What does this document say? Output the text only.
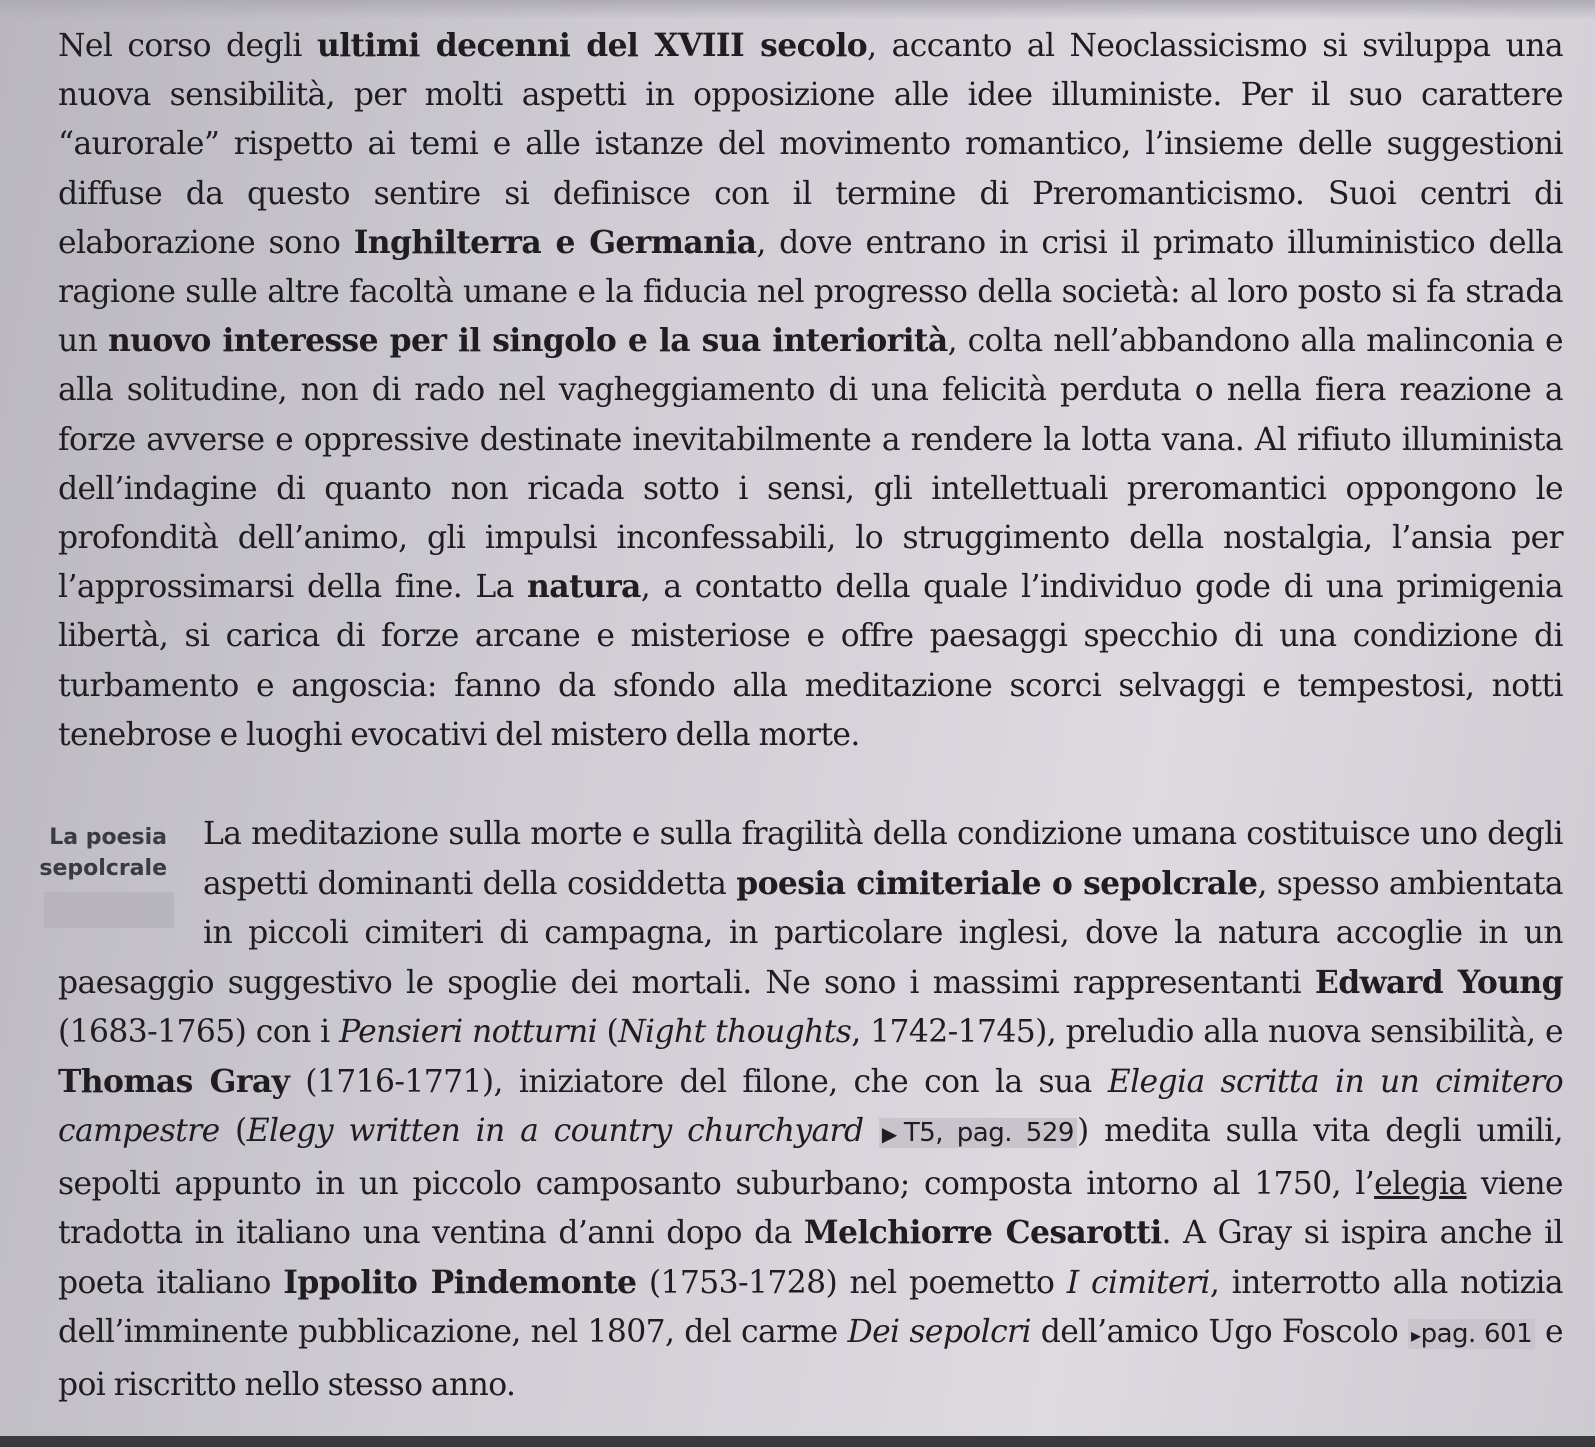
Nel corso degli ultimi decenni del XVIII secolo, accanto al Neoclassicismo si sviluppa una nuova sensibilità, per molti aspetti in opposizione alle idee illuministe. Per il suo carattere “aurorale” rispetto ai temi e alle istanze del movimento romantico, l’insieme delle suggestioni diffuse da questo sentire si definisce con il termine di Preromanticismo. Suoi centri di elaborazione sono Inghilterra e Germania, dove entrano in crisi il primato illuministico della ragione sulle altre facoltà umane e la fiducia nel progresso della società: al loro posto si fa strada un nuovo interesse per il singolo e la sua interiorità, colta nell’abbandono alla malinconia e alla solitudine, non di rado nel vagheggiamento di una felicità perduta o nella fiera reazione a forze avverse e oppressive destinate inevitabilmente a rendere la lotta vana. Al rifiuto illuminista dell’indagine di quanto non ricada sotto i sensi, gli intellettuali preromantici oppongono le profondità dell’animo, gli impulsi inconfessabili, lo struggimento della nostalgia, l’ansia per l’approssimarsi della fine. La natura, a contatto della quale l’individuo gode di una primigenia libertà, si carica di forze arcane e misteriose e offre paesaggi specchio di una condizione di turbamento e angoscia: fanno da sfondo alla meditazione scorci selvaggi e tempestosi, notti tenebrose e luoghi evocativi del mistero della morte.

La poesia
sepolcrale
La meditazione sulla morte e sulla fragilità della condizione umana costituisce uno degli aspetti dominanti della cosiddetta poesia cimiteriale o sepolcrale, spesso ambientata in piccoli cimiteri di campagna, in particolare inglesi, dove la natura accoglie in un paesaggio suggestivo le spoglie dei mortali. Ne sono i massimi rappresentanti Edward Young (1683-1765) con i Pensieri notturni (Night thoughts, 1742-1745), preludio alla nuova sensibilità, e Thomas Gray (1716-1771), iniziatore del filone, che con la sua Elegia scritta in un cimitero campestre (Elegy written in a country churchyard ▶T5, pag. 529) medita sulla vita degli umili, sepolti appunto in un piccolo camposanto suburbano; composta intorno al 1750, l’elegia viene tradotta in italiano una ventina d’anni dopo da Melchiorre Cesarotti. A Gray si ispira anche il poeta italiano Ippolito Pindemonte (1753-1728) nel poemetto I cimiteri, interrotto alla notizia dell’imminente pubblicazione, nel 1807, del carme Dei sepolcri dell’amico Ugo Foscolo ▸pag. 601 e poi riscritto nello stesso anno.
